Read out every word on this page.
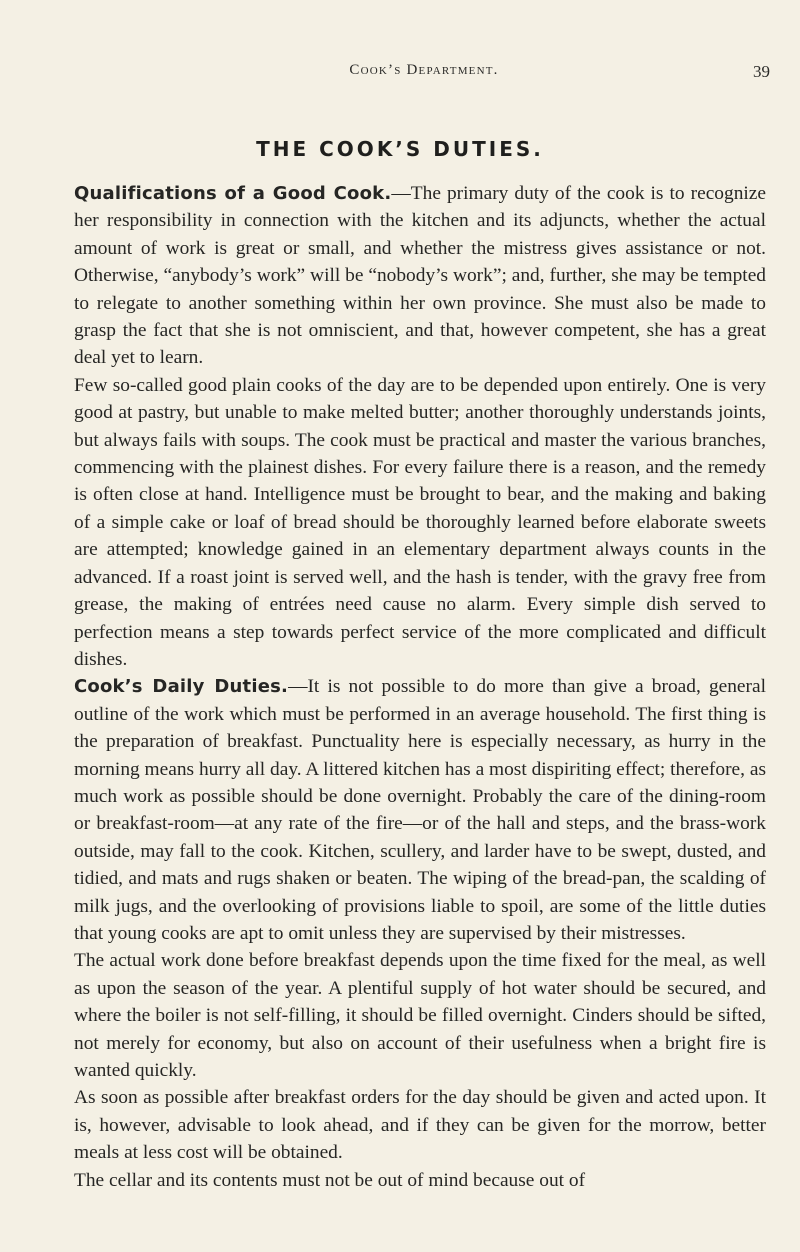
Cook’s Department.	39
THE COOK’S DUTIES.

Qualifications of a Good Cook.—The primary duty of the cook is to recognize her responsibility in connection with the kitchen and its adjuncts, whether the actual amount of work is great or small, and whether the mistress gives assistance or not. Otherwise, “anybody’s work” will be “nobody’s work”; and, further, she may be tempted to relegate to another something within her own province. She must also be made to grasp the fact that she is not omniscient, and that, however competent, she has a great deal yet to learn.

Few so-called good plain cooks of the day are to be depended upon entirely. One is very good at pastry, but unable to make melted butter; another thoroughly understands joints, but always fails with soups. The cook must be practical and master the various branches, commencing with the plainest dishes. For every failure there is a reason, and the remedy is often close at hand. Intelligence must be brought to bear, and the making and baking of a simple cake or loaf of bread should be thoroughly learned before elaborate sweets are attempted; knowledge gained in an elementary department always counts in the advanced. If a roast joint is served well, and the hash is tender, with the gravy free from grease, the making of entrées need cause no alarm. Every simple dish served to perfection means a step towards perfect service of the more complicated and difficult dishes.

Cook’s Daily Duties.—It is not possible to do more than give a broad, general outline of the work which must be performed in an average household. The first thing is the preparation of breakfast. Punctuality here is especially necessary, as hurry in the morning means hurry all day. A littered kitchen has a most dispiriting effect; therefore, as much work as possible should be done overnight. Probably the care of the dining-room or breakfast-room—at any rate of the fire—or of the hall and steps, and the brass-work outside, may fall to the cook. Kitchen, scullery, and larder have to be swept, dusted, and tidied, and mats and rugs shaken or beaten. The wiping of the bread-pan, the scalding of milk jugs, and the overlooking of provisions liable to spoil, are some of the little duties that young cooks are apt to omit unless they are supervised by their mistresses.

The actual work done before breakfast depends upon the time fixed for the meal, as well as upon the season of the year. A plentiful supply of hot water should be secured, and where the boiler is not self-filling, it should be filled overnight. Cinders should be sifted, not merely for economy, but also on account of their usefulness when a bright fire is wanted quickly.

As soon as possible after breakfast orders for the day should be given and acted upon. It is, however, advisable to look ahead, and if they can be given for the morrow, better meals at less cost will be obtained.

The cellar and its contents must not be out of mind because out of
